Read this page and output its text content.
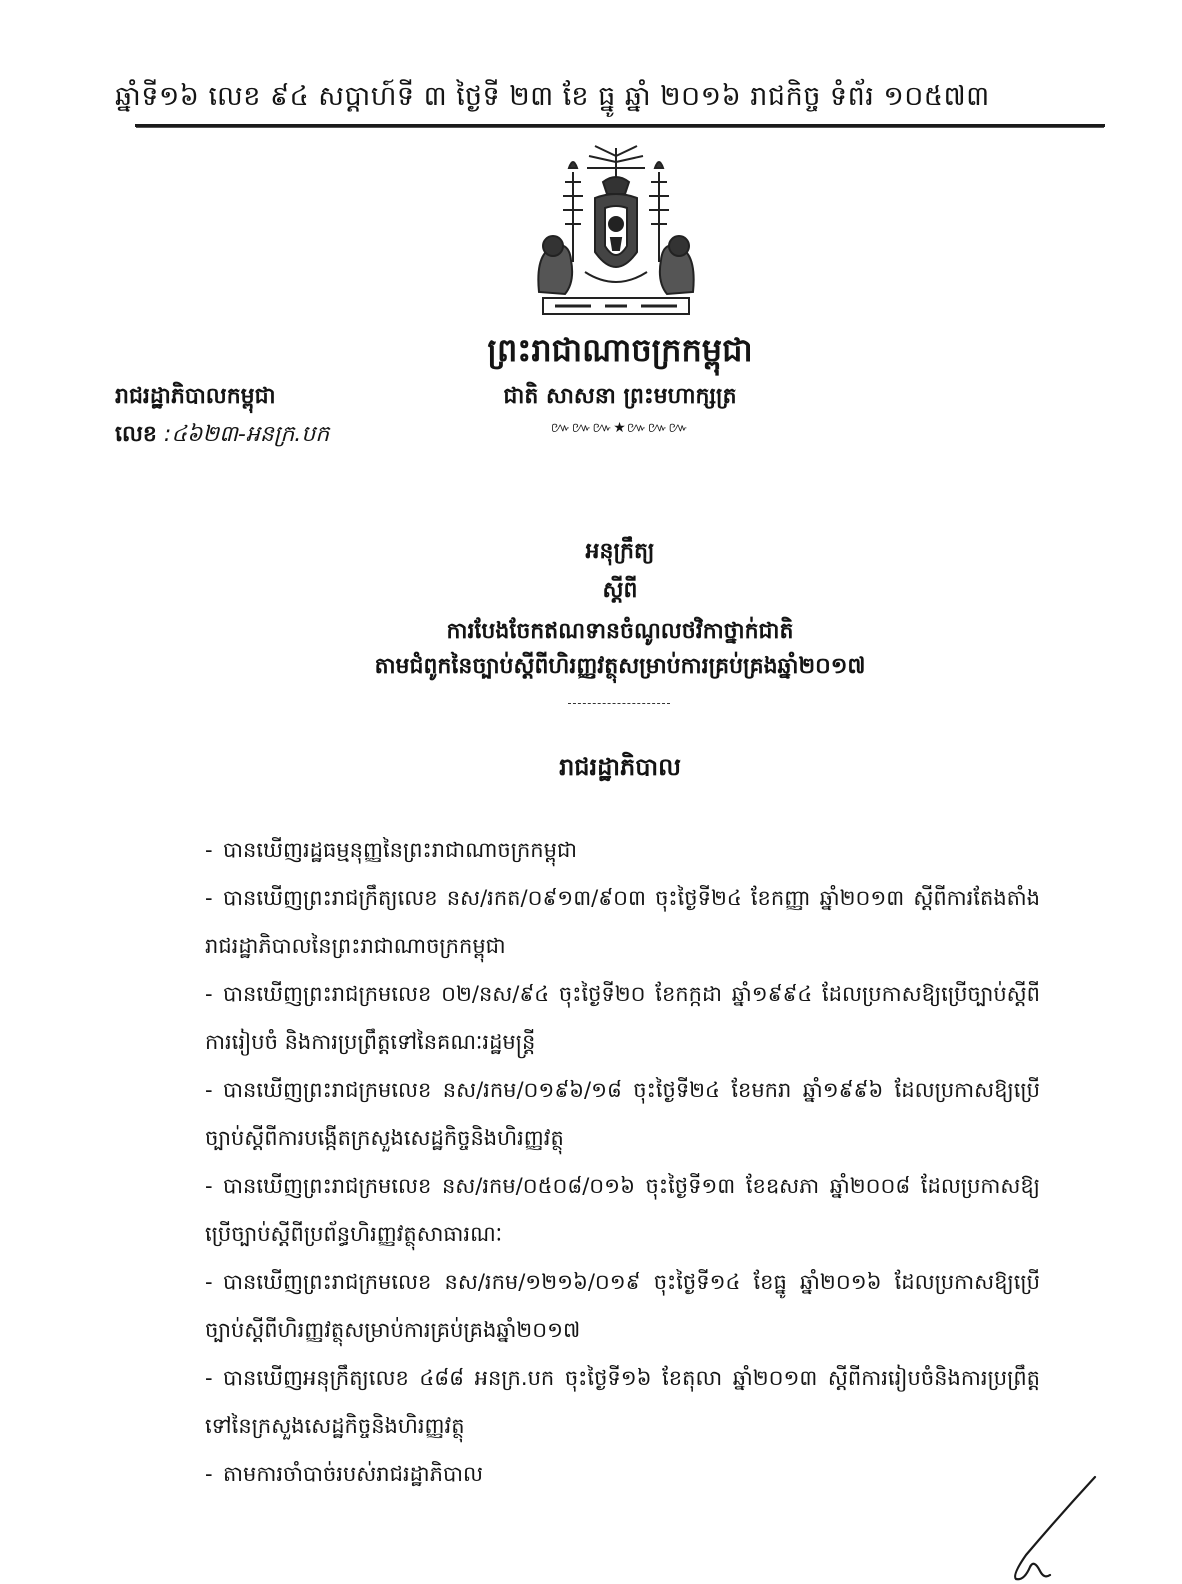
ឆ្នាំទី១៦ លេខ ៩៤ សប្ដាហ៍ទី ៣ ថ្ងៃទី ២៣ ខែ ធ្នូ ឆ្នាំ ២០១៦ រាជកិច្ច ទំព័រ ១០៥៧៣
ព្រះរាជាណាចក្រកម្ពុជា
ជាតិ សាសនា ព្រះមហាក្សត្រ
៚៚៚★៚៚៚
រាជរដ្ឋាភិបាលកម្ពុជា
លេខ :៤៦២៣-អនក្រ.បក
អនុក្រឹត្យ
ស្ដីពី
ការបែងចែកឥណទានចំណូលថវិកាថ្នាក់ជាតិ
តាមជំពូកនៃច្បាប់ស្ដីពីហិរញ្ញវត្ថុសម្រាប់ការគ្រប់គ្រងឆ្នាំ២០១៧
រាជរដ្ឋាភិបាល
- បានឃើញរដ្ឋធម្មនុញ្ញនៃព្រះរាជាណាចក្រកម្ពុជា
- បានឃើញព្រះរាជក្រឹត្យលេខ នស/រកត/០៩១៣/៩០៣ ចុះថ្ងៃទី២៤ ខែកញ្ញា ឆ្នាំ២០១៣ ស្ដីពីការតែងតាំងរាជរដ្ឋាភិបាលនៃព្រះរាជាណាចក្រកម្ពុជា
- បានឃើញព្រះរាជក្រមលេខ ០២/នស/៩៤ ចុះថ្ងៃទី២០ ខែកក្កដា ឆ្នាំ១៩៩៤ ដែលប្រកាសឱ្យប្រើច្បាប់ស្ដីពីការរៀបចំ និងការប្រព្រឹត្តទៅនៃគណៈរដ្ឋមន្ត្រី
- បានឃើញព្រះរាជក្រមលេខ នស/រកម/០១៩៦/១៨ ចុះថ្ងៃទី២៤ ខែមករា ឆ្នាំ១៩៩៦ ដែលប្រកាសឱ្យប្រើច្បាប់ស្ដីពីការបង្កើតក្រសួងសេដ្ឋកិច្ចនិងហិរញ្ញវត្ថុ
- បានឃើញព្រះរាជក្រមលេខ នស/រកម/០៥០៨/០១៦ ចុះថ្ងៃទី១៣ ខែឧសភា ឆ្នាំ២០០៨ ដែលប្រកាសឱ្យប្រើច្បាប់ស្ដីពីប្រព័ន្ធហិរញ្ញវត្ថុសាធារណៈ
- បានឃើញព្រះរាជក្រមលេខ នស/រកម/១២១៦/០១៩ ចុះថ្ងៃទី១៤ ខែធ្នូ ឆ្នាំ២០១៦ ដែលប្រកាសឱ្យប្រើច្បាប់ស្ដីពីហិរញ្ញវត្ថុសម្រាប់ការគ្រប់គ្រងឆ្នាំ២០១៧
- បានឃើញអនុក្រឹត្យលេខ ៤៨៨ អនក្រ.បក ចុះថ្ងៃទី១៦ ខែតុលា ឆ្នាំ២០១៣ ស្ដីពីការរៀបចំនិងការប្រព្រឹត្តទៅនៃក្រសួងសេដ្ឋកិច្ចនិងហិរញ្ញវត្ថុ
- តាមការចាំបាច់របស់រាជរដ្ឋាភិបាល
